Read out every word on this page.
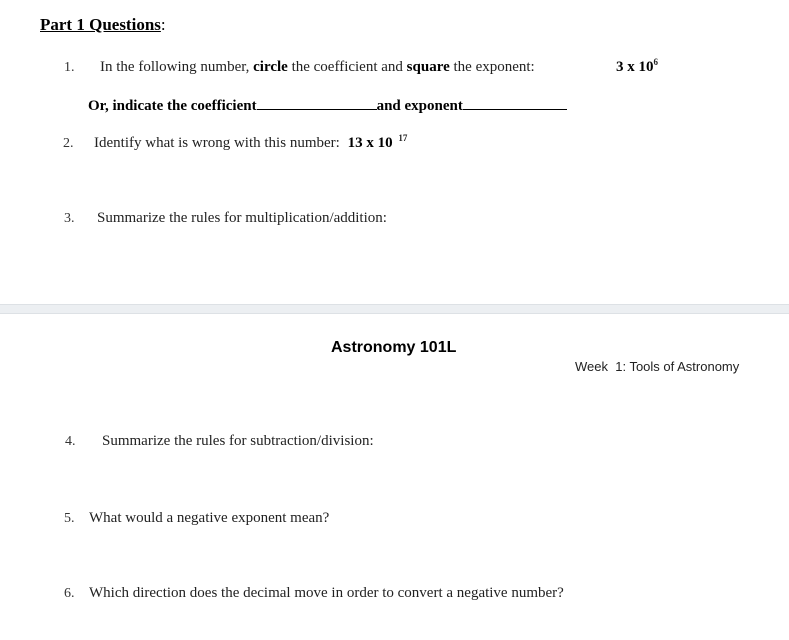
Part 1 Questions:
1. In the following number, circle the coefficient and square the exponent:	3 x $10^6$
Or, indicate the coefficient	and exponent
2. Identify what is wrong with this number: 13 x 10 $^{17}$
3. Summarize the rules for multiplication/addition:
Astronomy 101L
Week  1: Tools of Astronomy
4. Summarize the rules for subtraction/division:
5. What would a negative exponent mean?
6. Which direction does the decimal move in order to convert a negative number?
